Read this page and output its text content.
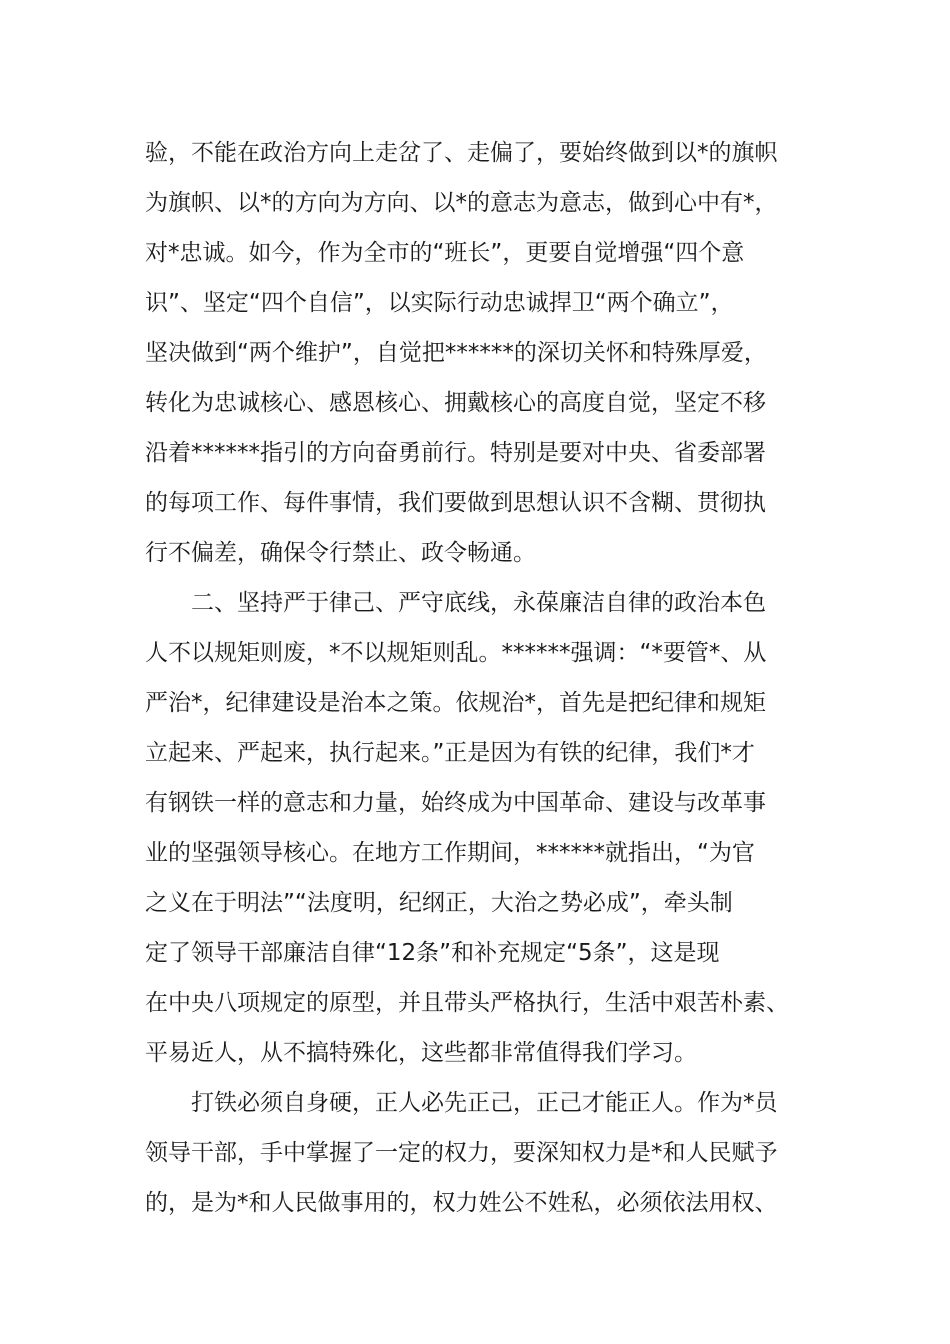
验，不能在政治方向上走岔了、走偏了，要始终做到以*的旗帜
为旗帜、以*的方向为方向、以*的意志为意志，做到心中有*，
对*忠诚。如今，作为全市的“班长”，更要自觉增强“四个意
识”、坚定“四个自信”，以实际行动忠诚捍卫“两个确立”，
坚决做到“两个维护”，自觉把******的深切关怀和特殊厚爱，
转化为忠诚核心、感恩核心、拥戴核心的高度自觉，坚定不移
沿着******指引的方向奋勇前行。特别是要对中央、省委部署
的每项工作、每件事情，我们要做到思想认识不含糊、贯彻执
行不偏差，确保令行禁止、政令畅通。
二、坚持严于律己、严守底线，永葆廉洁自律的政治本色
人不以规矩则废，*不以规矩则乱。******强调：“*要管*、从
严治*，纪律建设是治本之策。依规治*，首先是把纪律和规矩
立起来、严起来，执行起来。”正是因为有铁的纪律，我们*才
有钢铁一样的意志和力量，始终成为中国革命、建设与改革事
业的坚强领导核心。在地方工作期间，******就指出，“为官
之义在于明法”“法度明，纪纲正，大治之势必成”，牵头制
定了领导干部廉洁自律“12条”和补充规定“5条”，这是现
在中央八项规定的原型，并且带头严格执行，生活中艰苦朴素、
平易近人，从不搞特殊化，这些都非常值得我们学习。
打铁必须自身硬，正人必先正己，正己才能正人。作为*员
领导干部，手中掌握了一定的权力，要深知权力是*和人民赋予
的，是为*和人民做事用的，权力姓公不姓私，必须依法用权、
